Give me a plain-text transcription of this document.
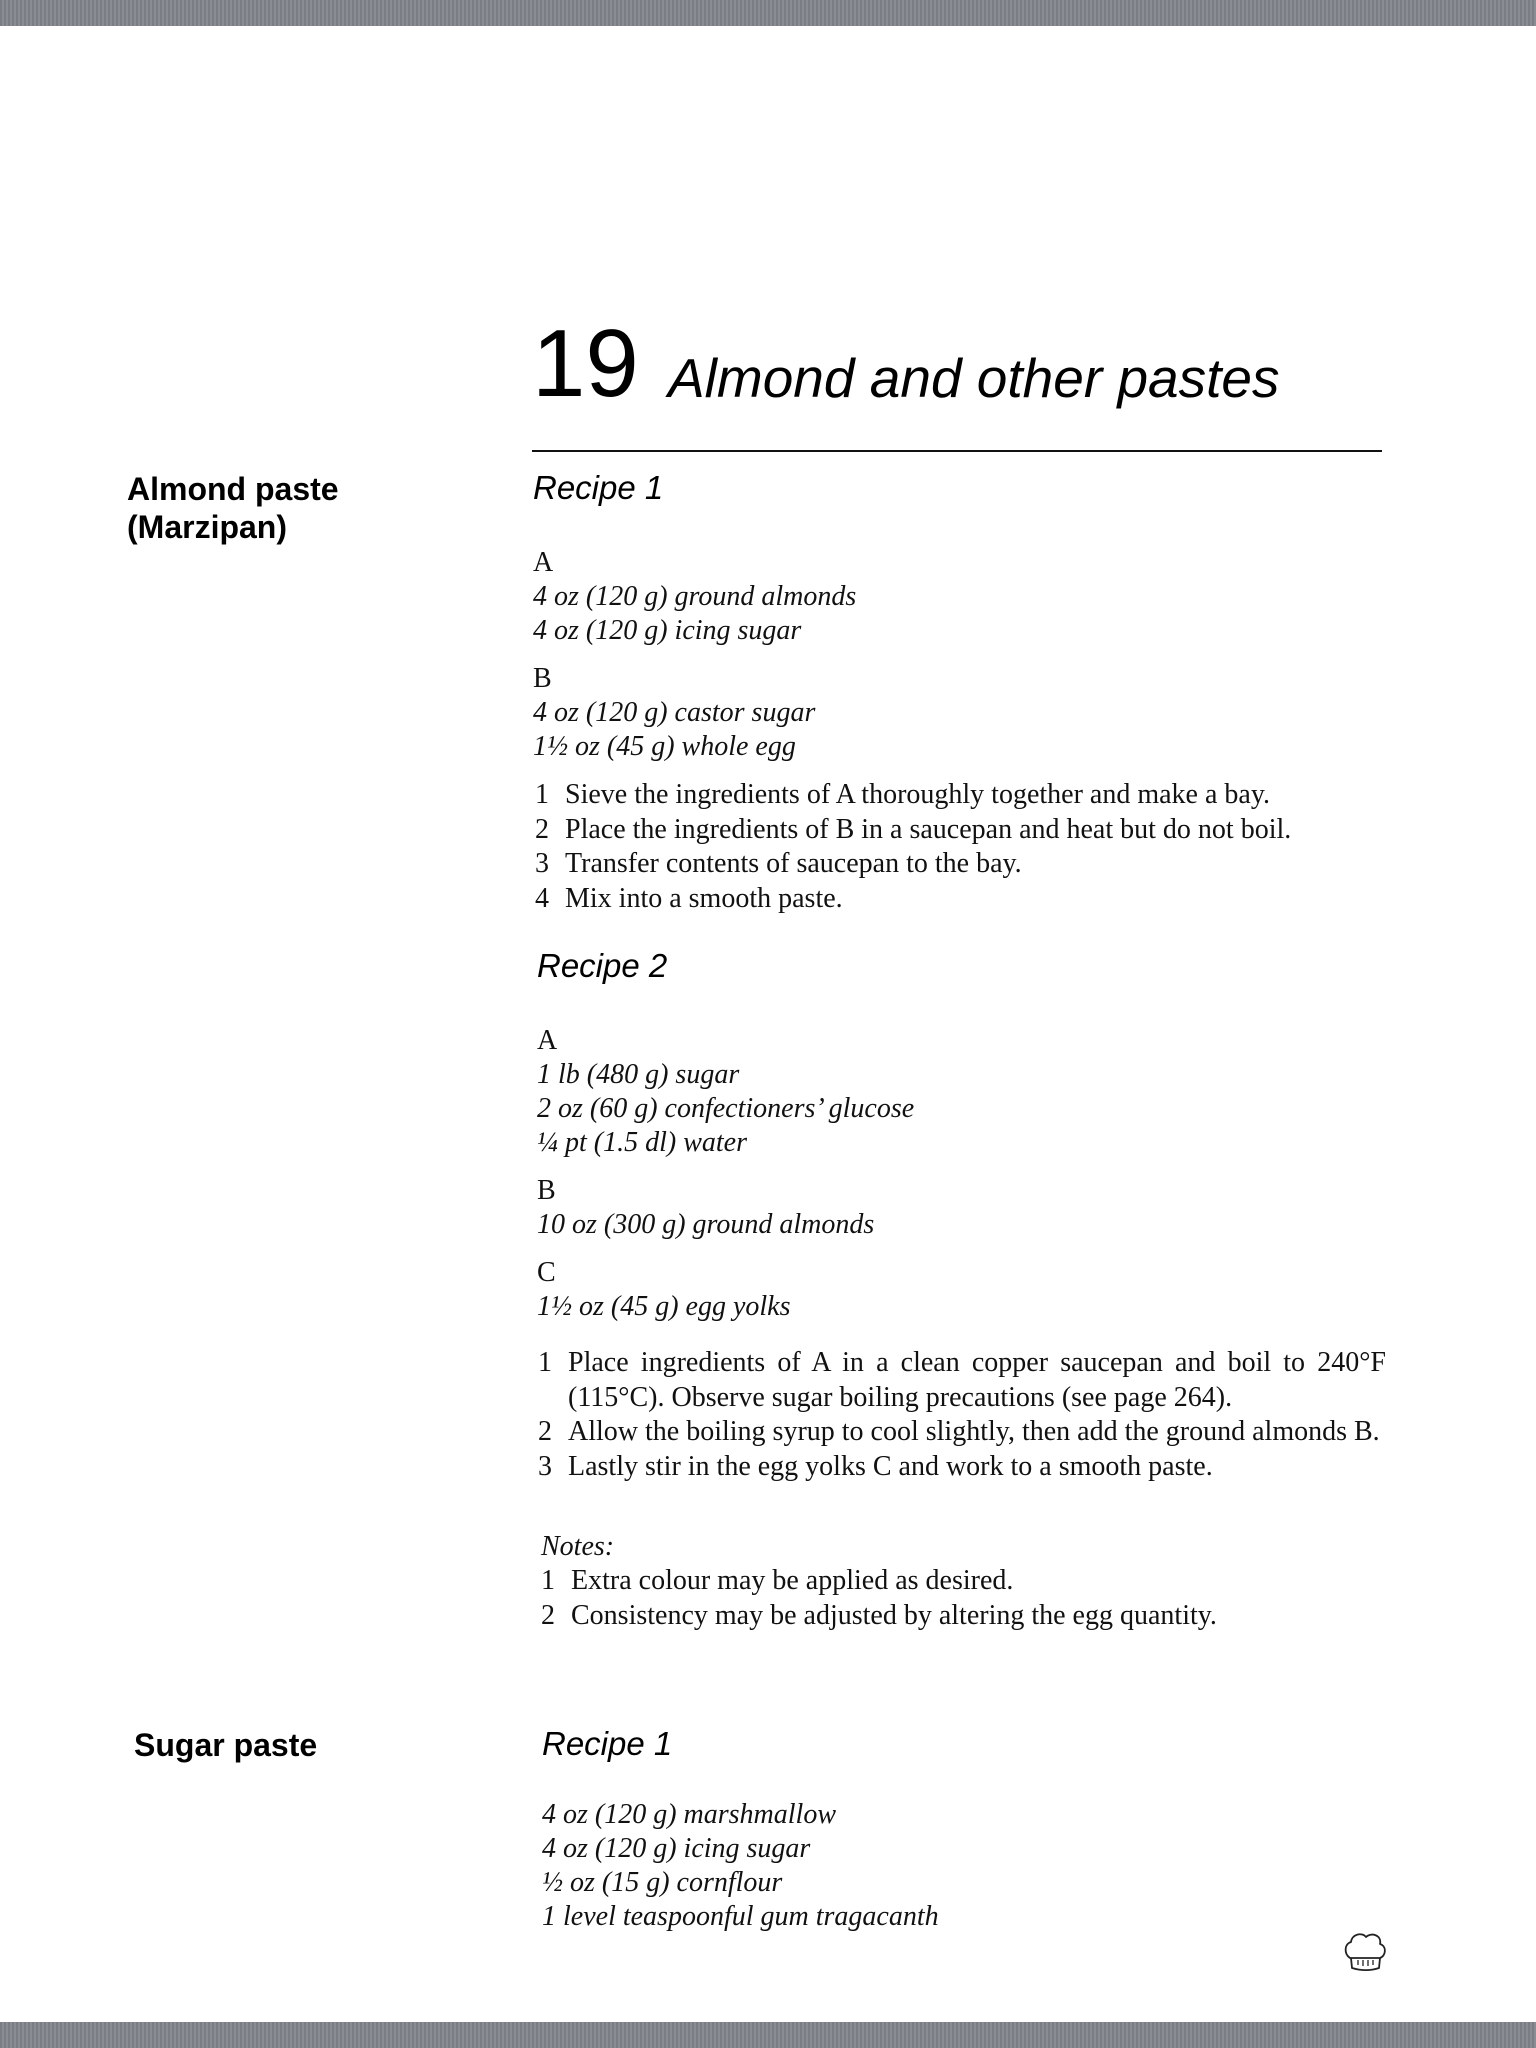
19 Almond and other pastes
Almond paste
(Marzipan)
Recipe 1
A
4 oz (120 g) ground almonds
4 oz (120 g) icing sugar
B
4 oz (120 g) castor sugar
1½ oz (45 g) whole egg
1 Sieve the ingredients of A thoroughly together and make a bay.
2 Place the ingredients of B in a saucepan and heat but do not boil.
3 Transfer contents of saucepan to the bay.
4 Mix into a smooth paste.
Recipe 2
A
1 lb (480 g) sugar
2 oz (60 g) confectioners’ glucose
¼ pt (1.5 dl) water
B
10 oz (300 g) ground almonds
C
1½ oz (45 g) egg yolks
1 Place ingredients of A in a clean copper saucepan and boil to 240°F (115°C). Observe sugar boiling precautions (see page 264).
2 Allow the boiling syrup to cool slightly, then add the ground almonds B.
3 Lastly stir in the egg yolks C and work to a smooth paste.
Notes:
1 Extra colour may be applied as desired.
2 Consistency may be adjusted by altering the egg quantity.
Sugar paste	Recipe 1
4 oz (120 g) marshmallow
4 oz (120 g) icing sugar
½ oz (15 g) cornflour
1 level teaspoonful gum tragacanth
